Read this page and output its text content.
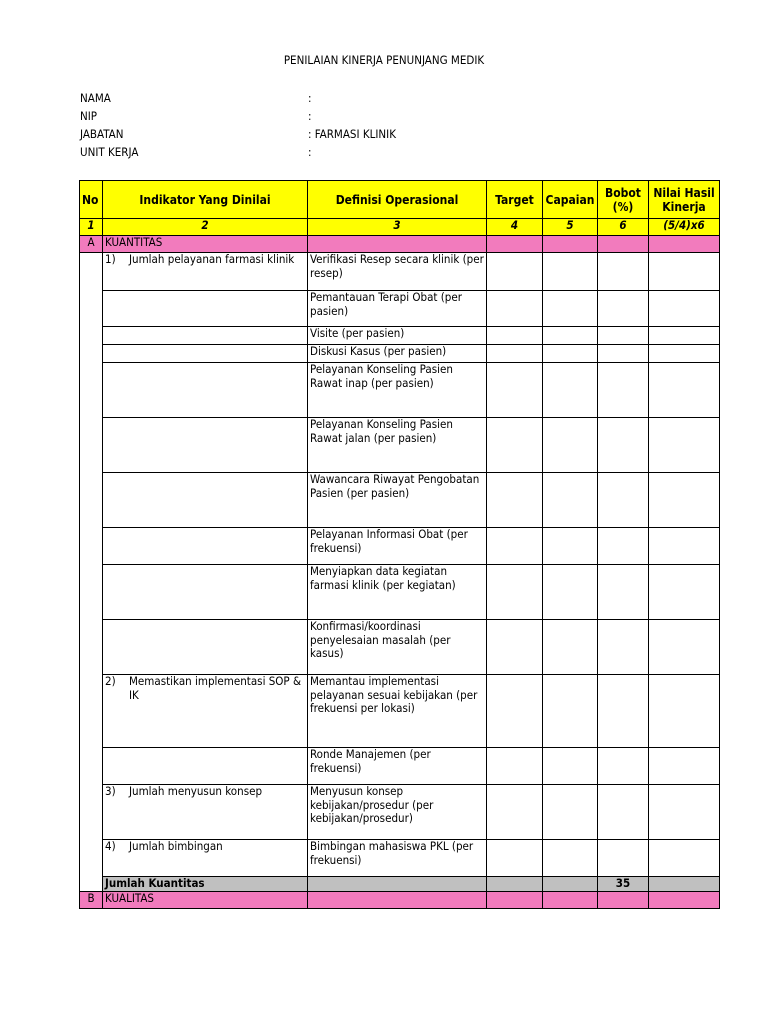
PENILAIAN KINERJA PENUNJANG MEDIK
NAMA	:
NIP	:
JABATAN	: FARMASI KLINIK
UNIT KERJA	:
No	Indikator Yang Dinilai	Definisi Operasional	Target	Capaian	Bobot (%)	Nilai Hasil Kinerja
1	2	3	4	5	6	(5/4)x6
A	KUANTITAS					

	1) Jumlah pelayanan farmasi klinik	Verifikasi Resep secara klinik (per resep)				
		Pemantauan Terapi Obat (per pasien)				
		Visite (per pasien)				
		Diskusi Kasus (per pasien)				
		Pelayanan Konseling Pasien Rawat inap (per pasien)				
		Pelayanan Konseling Pasien Rawat jalan (per pasien)				
		Wawancara Riwayat Pengobatan Pasien (per pasien)				
		Pelayanan Informasi Obat (per frekuensi)				
		Menyiapkan data kegiatan farmasi klinik (per kegiatan)				
		Konfirmasi/koordinasi penyelesaian masalah (per kasus)				

	2) Memastikan implementasi SOP & IK	Memantau implementasi pelayanan sesuai kebijakan (per frekuensi per lokasi)				
		Ronde Manajemen (per frekuensi)				

	3) Jumlah menyusun konsep	Menyusun konsep kebijakan/prosedur (per kebijakan/prosedur)				

	4) Jumlah bimbingan	Bimbingan mahasiswa PKL (per frekuensi)				
	Jumlah Kuantitas				35	
B	KUALITAS					
